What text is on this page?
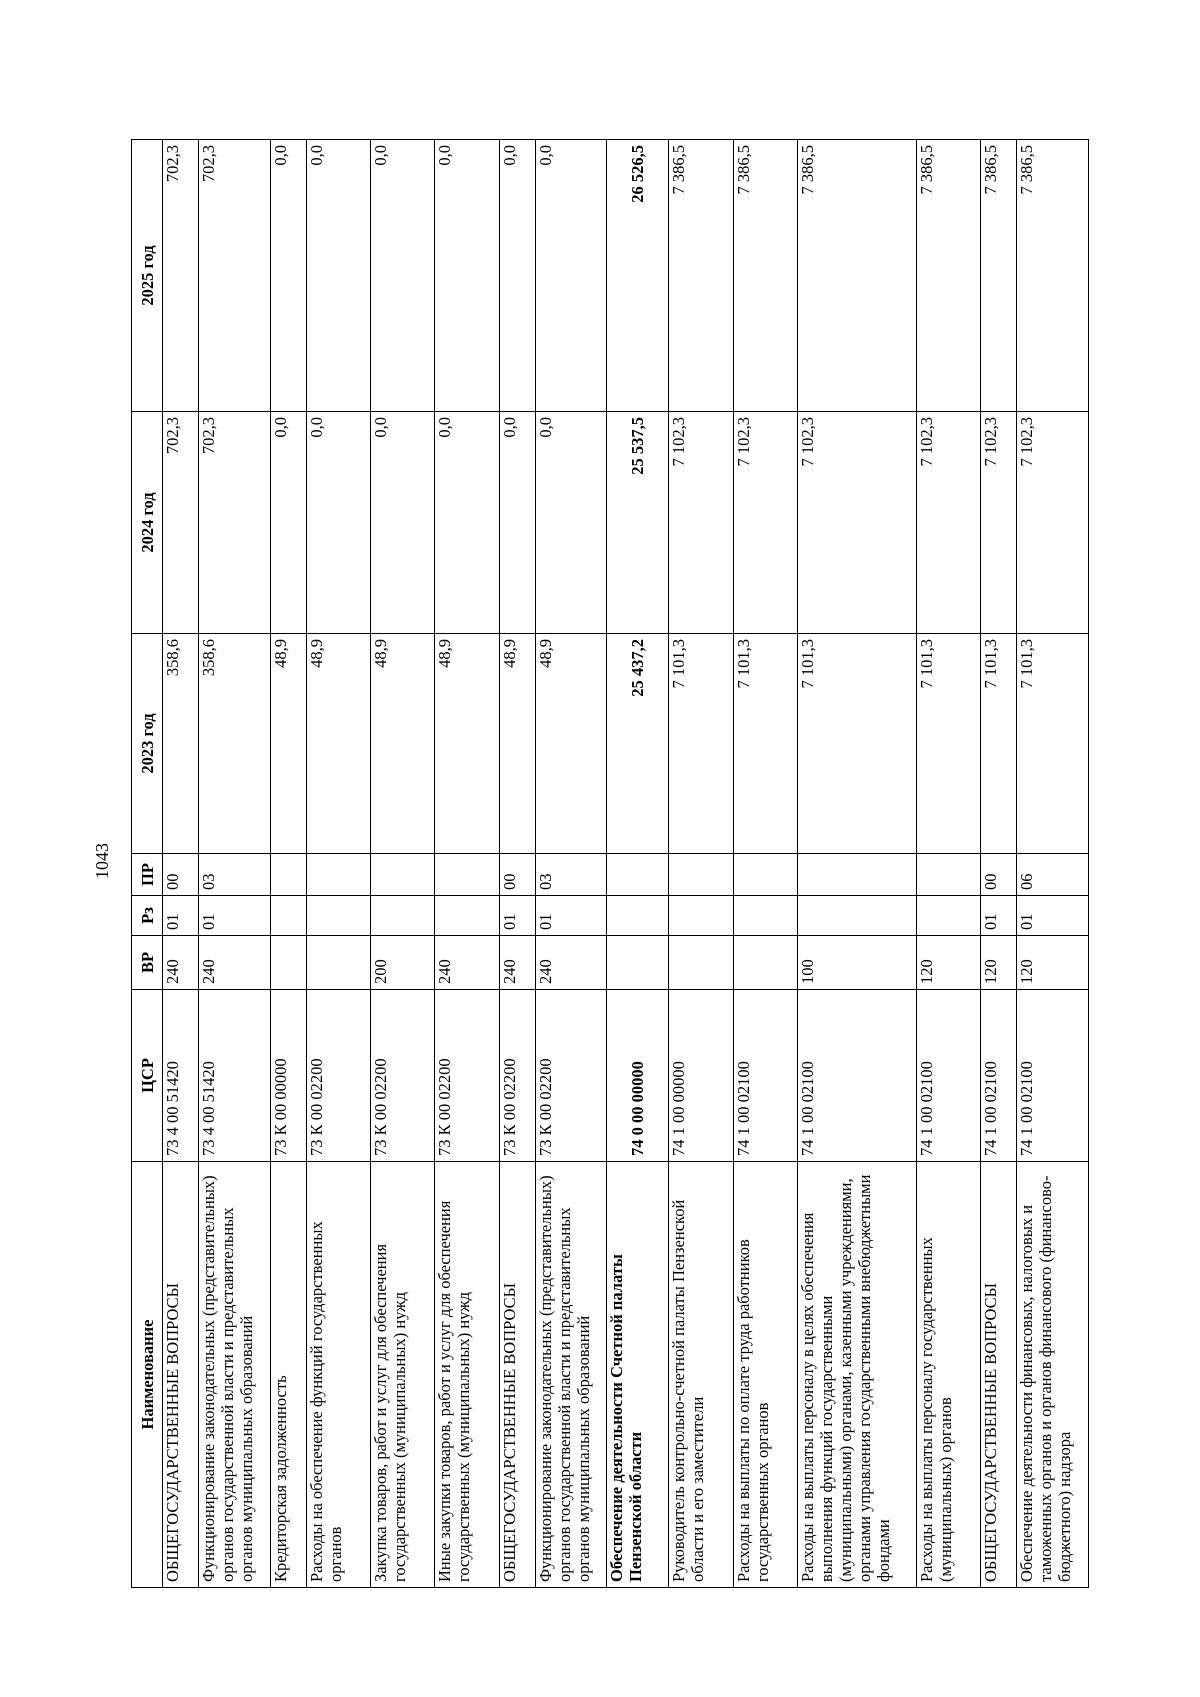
1043
Наименование	ЦСР	ВР	Рз	ПР	2023 год	2024 год	2025 год
ОБЩЕГОСУДАРСТВЕННЫЕ ВОПРОСЫ	73 4 00 51420	240	01	00	358,6	702,3	702,3
Функционирование законодательных (представительных) органов государственной власти и представительных органов муниципальных образований	73 4 00 51420	240	01	03	358,6	702,3	702,3
Кредиторская задолженность	73 К 00 00000				48,9	0,0	0,0
Расходы на обеспечение функций государственных органов	73 К 00 02200				48,9	0,0	0,0
Закупка товаров, работ и услуг для обеспечения государственных (муниципальных) нужд	73 К 00 02200	200			48,9	0,0	0,0
Иные закупки товаров, работ и услуг для обеспечения государственных (муниципальных) нужд	73 К 00 02200	240			48,9	0,0	0,0
ОБЩЕГОСУДАРСТВЕННЫЕ ВОПРОСЫ	73 К 00 02200	240	01	00	48,9	0,0	0,0
Функционирование законодательных (представительных) органов государственной власти и представительных органов муниципальных образований	73 К 00 02200	240	01	03	48,9	0,0	0,0
Обеспечение деятельности Счетной палаты Пензенской области	74 0 00 00000				25 437,2	25 537,5	26 526,5
Руководитель контрольно-счетной палаты Пензенской области и его заместители	74 1 00 00000				7 101,3	7 102,3	7 386,5
Расходы на выплаты по оплате труда работников государственных органов	74 1 00 02100				7 101,3	7 102,3	7 386,5
Расходы на выплаты персоналу в целях обеспечения выполнения функций государственными (муниципальными) органами, казенными учреждениями, органами управления государственными внебюджетными фондами	74 1 00 02100	100			7 101,3	7 102,3	7 386,5
Расходы на выплаты персоналу государственных (муниципальных) органов	74 1 00 02100	120			7 101,3	7 102,3	7 386,5
ОБЩЕГОСУДАРСТВЕННЫЕ ВОПРОСЫ	74 1 00 02100	120	01	00	7 101,3	7 102,3	7 386,5
Обеспечение деятельности финансовых, налоговых и таможенных органов и органов финансового (финансово-бюджетного) надзора	74 1 00 02100	120	01	06	7 101,3	7 102,3	7 386,5
